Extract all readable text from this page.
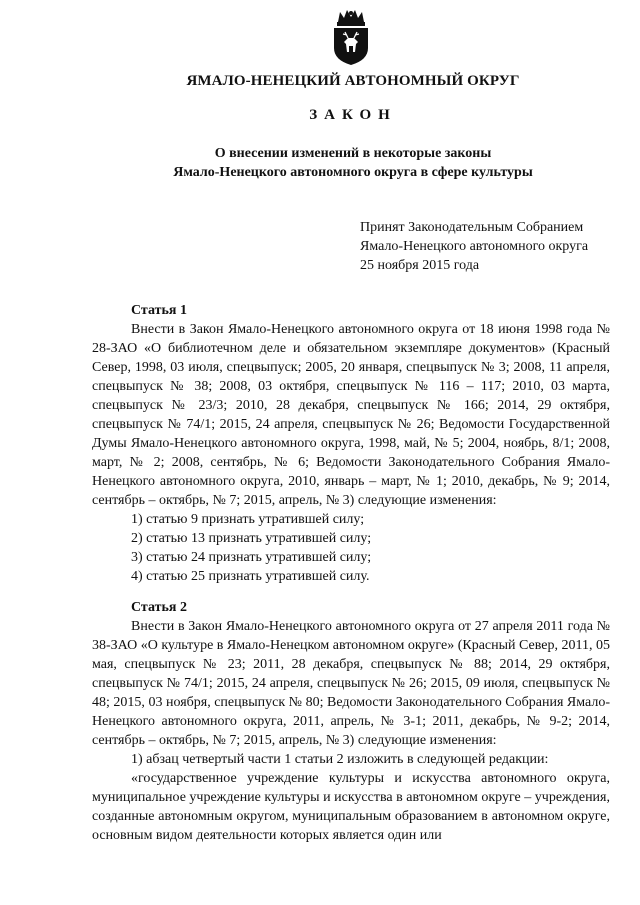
ЯМАЛО-НЕНЕЦКИЙ АВТОНОМНЫЙ ОКРУГ
ЗАКОН
О внесении изменений в некоторые законы
Ямало-Ненецкого автономного округа в сфере культуры
Принят Законодательным Собранием
Ямало-Ненецкого автономного округа
25 ноября 2015 года
Статья 1

Внести в Закон Ямало-Ненецкого автономного округа от 18 июня 1998 года № 28-ЗАО «О библиотечном деле и обязательном экземпляре документов» (Красный Север, 1998, 03 июля, спецвыпуск; 2005, 20 января, спецвыпуск № 3; 2008, 11 апреля, спецвыпуск № 38; 2008, 03 октября, спецвыпуск № 116 – 117; 2010, 03 марта, спецвыпуск № 23/3; 2010, 28 декабря, спецвыпуск № 166; 2014, 29 октября, спецвыпуск № 74/1; 2015, 24 апреля, спецвыпуск № 26; Ведомости Государственной Думы Ямало-Ненецкого автономного округа, 1998, май, № 5; 2004, ноябрь, 8/1; 2008, март, № 2; 2008, сентябрь, № 6; Ведомости Законодательного Собрания Ямало-Ненецкого автономного округа, 2010, январь – март, № 1; 2010, декабрь, № 9; 2014, сентябрь – октябрь, № 7; 2015, апрель, № 3) следующие изменения:

1) статью 9 признать утратившей силу;

2) статью 13 признать утратившей силу;

3) статью 24 признать утратившей силу;

4) статью 25 признать утратившей силу.

Статья 2

Внести в Закон Ямало-Ненецкого автономного округа от 27 апреля 2011 года № 38-ЗАО «О культуре в Ямало-Ненецком автономном округе» (Красный Север, 2011, 05 мая, спецвыпуск № 23; 2011, 28 декабря, спецвыпуск № 88; 2014, 29 октября, спецвыпуск № 74/1; 2015, 24 апреля, спецвыпуск № 26; 2015, 09 июля, спецвыпуск № 48; 2015, 03 ноября, спецвыпуск № 80; Ведомости Законодательного Собрания Ямало-Ненецкого автономного округа, 2011, апрель, № 3-1; 2011, декабрь, № 9-2; 2014, сентябрь – октябрь, № 7; 2015, апрель, № 3) следующие изменения:

1) абзац четвертый части 1 статьи 2 изложить в следующей редакции:

«государственное учреждение культуры и искусства автономного округа, муниципальное учреждение культуры и искусства в автономном округе – учреждения, созданные автономным округом, муниципальным образованием в автономном округе, основным видом деятельности которых является один или
